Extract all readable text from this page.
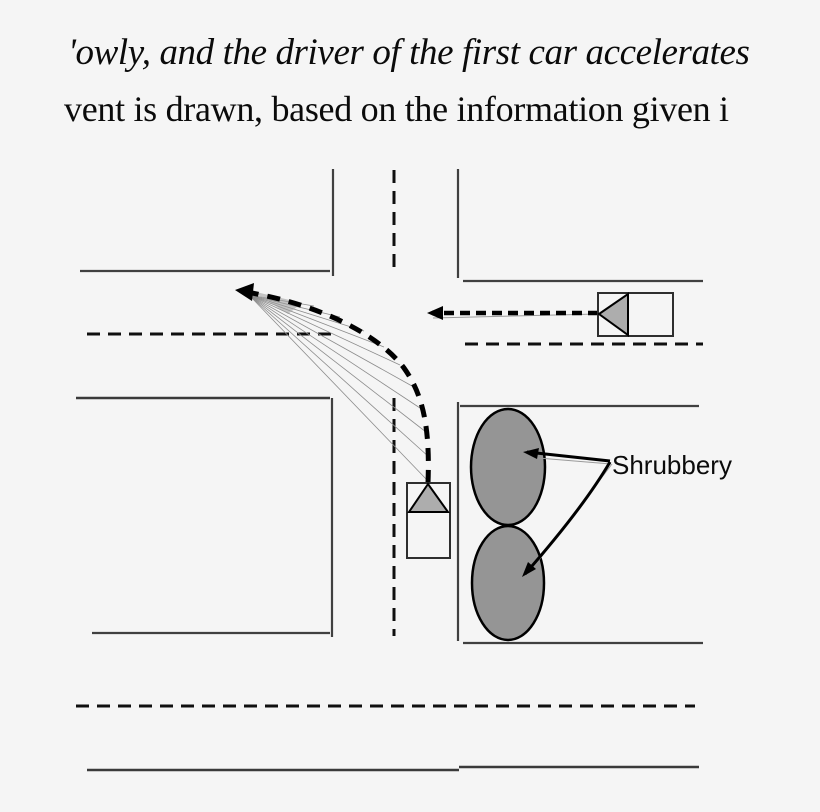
'owly, and the driver of the first car accelerates
vent is drawn, based on the information given i
Shrubbery
